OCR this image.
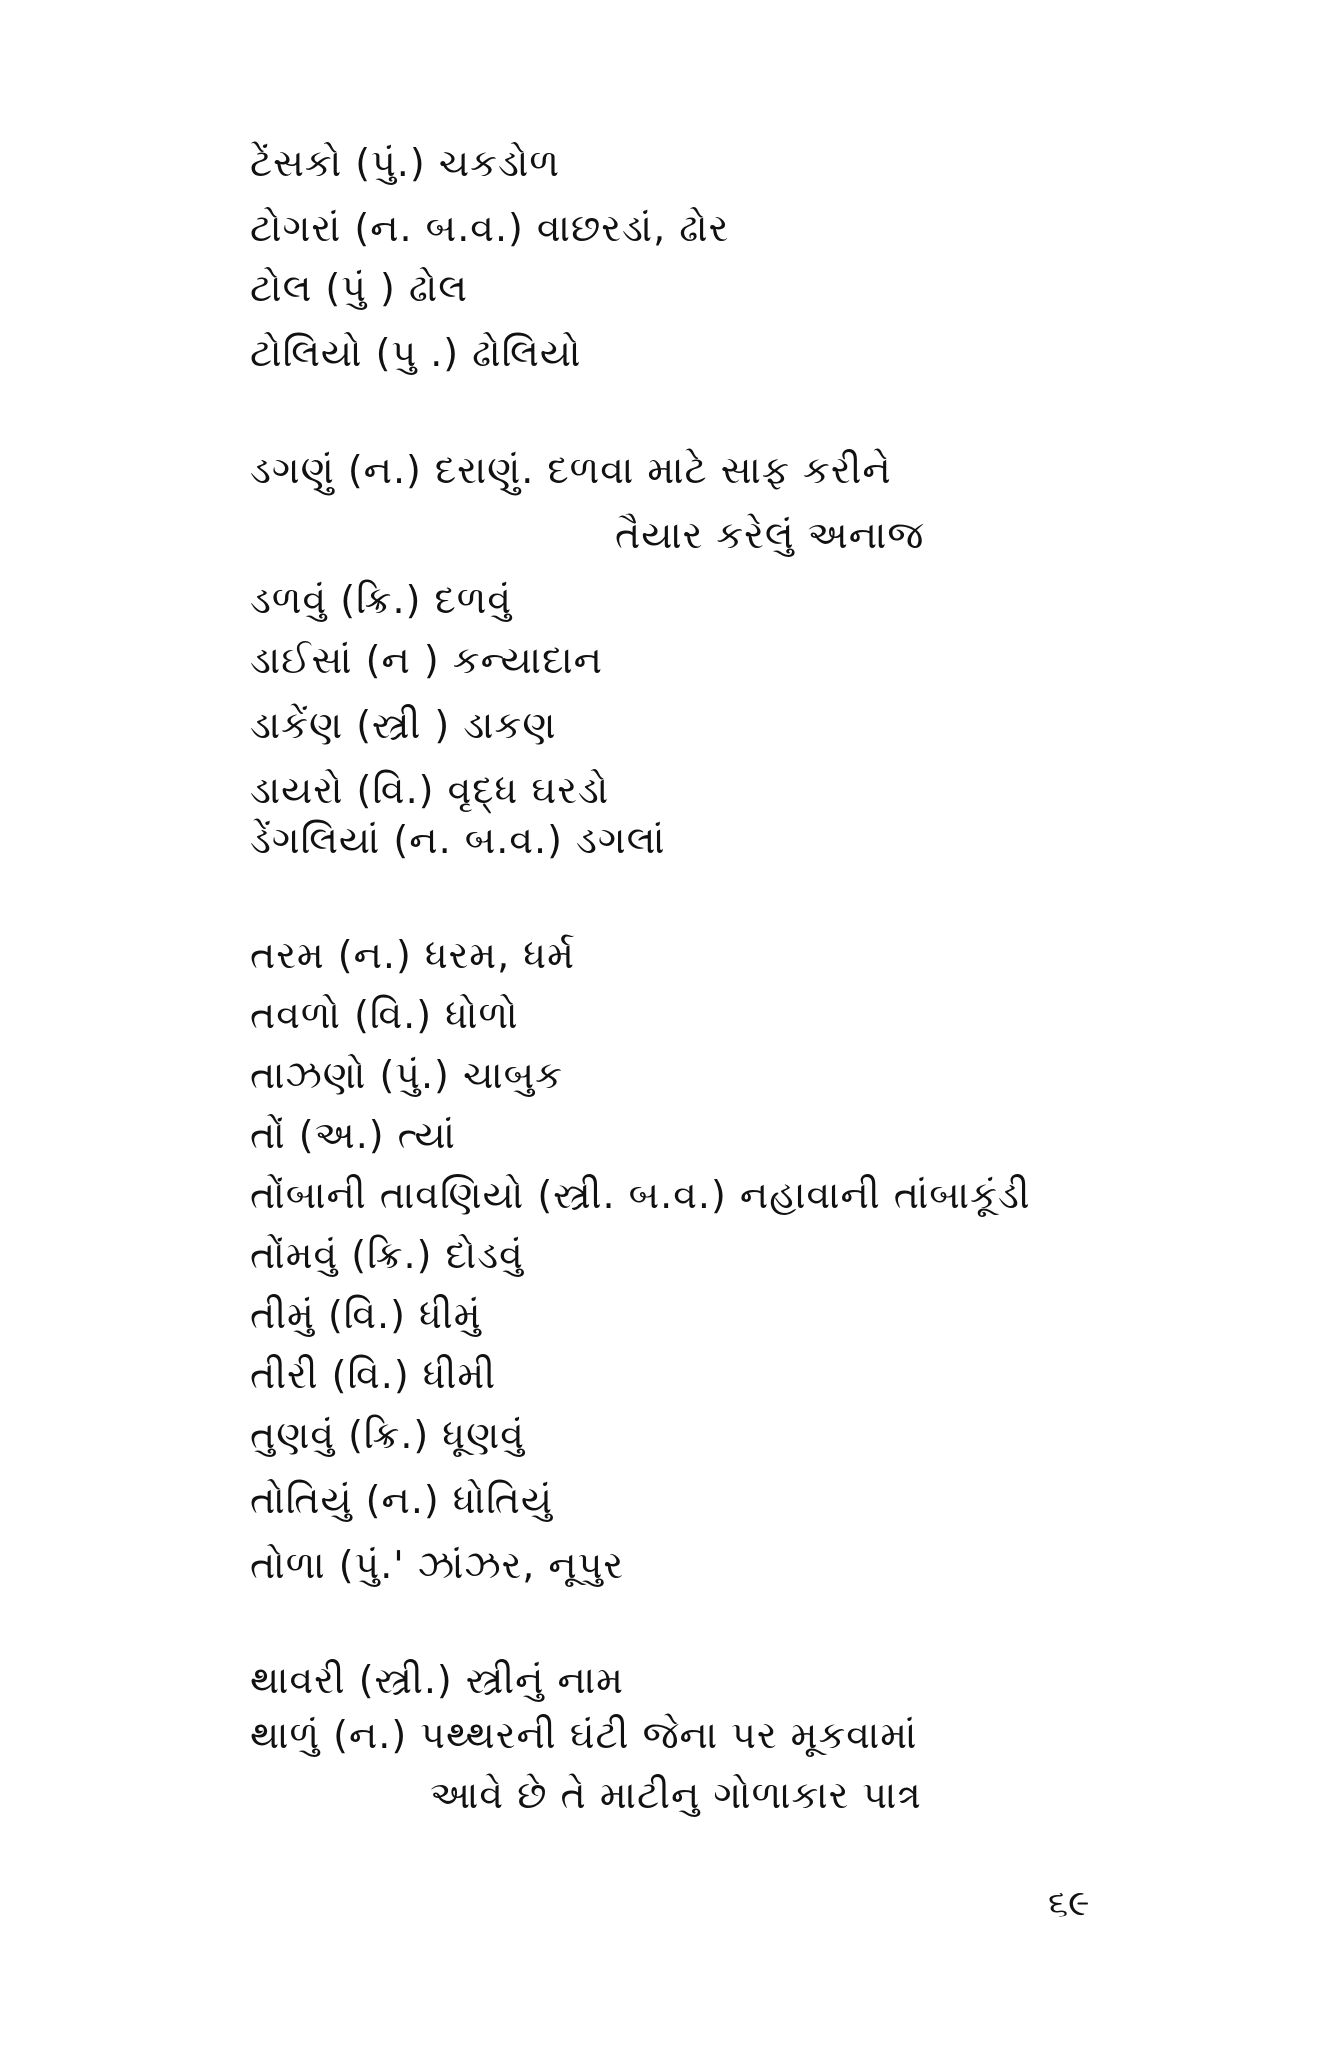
ટેંસકો (પું.) ચકડોળ
ટોગરાં (ન. બ.વ.) વાછરડાં, ઢોર
ટોલ (પું ) ઢોલ
ટોલિયો (પુ .) ઢોલિયો
ડગણું (ન.) દરાણું. દળવા માટે સાફ કરીને
તૈયાર કરેલું અનાજ
ડળવું (ક્રિ.) દળવું
ડાઈસાં (ન ) કન્યાદાન
ડાકેંણ (સ્ત્રી ) ડાકણ
ડાયરો (વિ.) વૃદ્ધ ઘરડો
ડેંગલિયાં (ન. બ.વ.) ડગલાં
તરમ (ન.) ધરમ, ધર્મ
તવળો (વિ.) ધોળો
તાઝણો (પું.) ચાબુક
તોં (અ.) ત્યાં
તોંબાની તાવણિયો (સ્ત્રી. બ.વ.) નહાવાની તાંબાકૂંડી
તોંમવું (ક્રિ.) દોડવું
તીમું (વિ.) ધીમું
તીરી (વિ.) ધીમી
તુણવું (ક્રિ.) ધૂણવું
તોતિયું (ન.) ધોતિયું
તોળા (પું.' ઝાંઝર, નૂપુર
થાવરી (સ્ત્રી.) સ્ત્રીનું નામ
થાળું (ન.) પથ્થરની ઘંટી જેના પર મૂકવામાં
આવે છે તે માટીનુ ગોળાકાર પાત્ર
૬૯
